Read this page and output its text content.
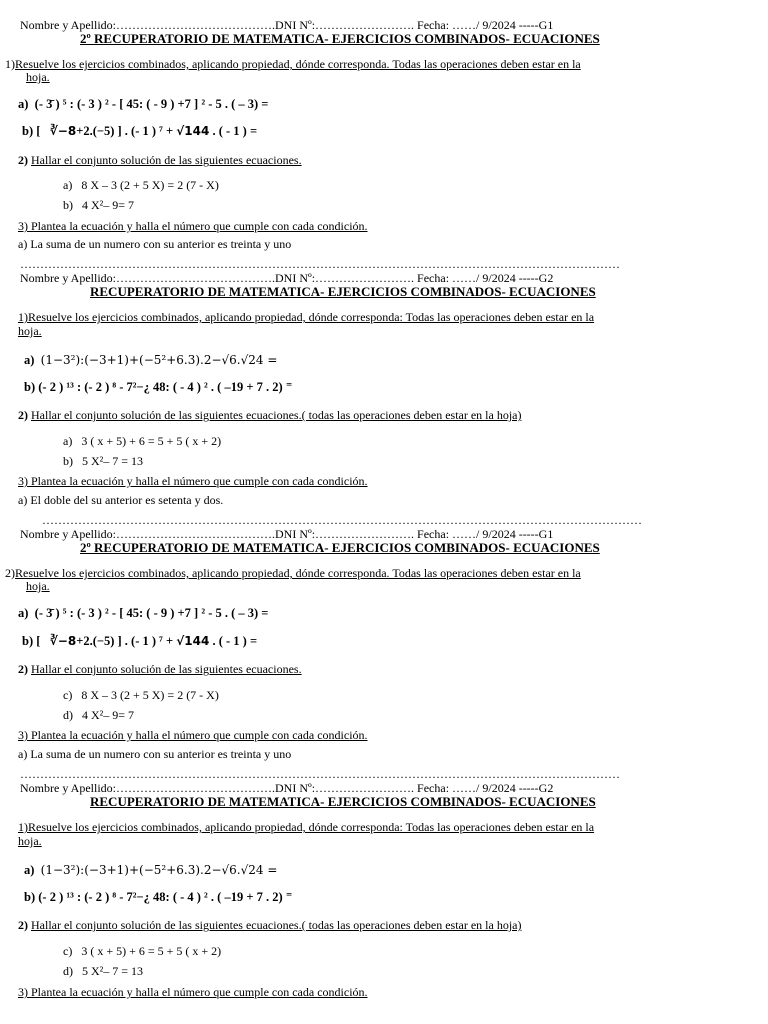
Nombre y Apellido:………………………………….DNI Nº:……………………. Fecha: ……/ 9/2024 -----G1
2º RECUPERATORIO DE MATEMATICA- EJERCICIOS COMBINADOS- ECUACIONES
1)Resuelve los ejercicios combinados, aplicando propiedad, dónde corresponda. Todas las operaciones deben estar en la
hoja.
a) (- 3̄ ) ⁵ : (- 3 ) ² - [ 45: ( - 9 ) +7 ] ² - 5 . ( – 3) =
b) [ ∛−8+2.(−5) ] . (- 1 ) ⁷ + √144 . ( - 1 ) =
2) Hallar el conjunto solución de las siguientes ecuaciones.
a) 8 X – 3 (2 + 5 X) = 2 (7 - X)
b) 4 X²– 9= 7
3) Plantea la ecuación y halla el número que cumple con cada condición.
a) La suma de un numero con su anterior es treinta y uno
……………………………………………………………………………………………………………………………………
Nombre y Apellido:………………………………….DNI Nº:……………………. Fecha: ……/ 9/2024 -----G2
RECUPERATORIO DE MATEMATICA- EJERCICIOS COMBINADOS- ECUACIONES
1)Resuelve los ejercicios combinados, aplicando propiedad, dónde corresponda: Todas las operaciones deben estar en la
hoja.
a) (1−3²):(−3+1)+(−5²+6.3).2−√6.√24 =
b) (- 2 ) ¹³ : (- 2 ) ⁸ - 7²−¿ 48: ( - 4 ) ² . ( –19 + 7 . 2) ⁼
2) Hallar el conjunto solución de las siguientes ecuaciones.( todas las operaciones deben estar en la hoja)
a) 3 ( x + 5) + 6 = 5 + 5 ( x + 2)
b) 5 X²– 7 = 13
3) Plantea la ecuación y halla el número que cumple con cada condición.
a) El doble del su anterior es setenta y dos.
……………………………………………………………………………………………………………………………………
Nombre y Apellido:………………………………….DNI Nº:……………………. Fecha: ……/ 9/2024 -----G1
2º RECUPERATORIO DE MATEMATICA- EJERCICIOS COMBINADOS- ECUACIONES
2)Resuelve los ejercicios combinados, aplicando propiedad, dónde corresponda. Todas las operaciones deben estar en la
hoja.
a) (- 3̄ ) ⁵ : (- 3 ) ² - [ 45: ( - 9 ) +7 ] ² - 5 . ( – 3) =
b) [ ∛−8+2.(−5) ] . (- 1 ) ⁷ + √144 . ( - 1 ) =
2) Hallar el conjunto solución de las siguientes ecuaciones.
c) 8 X – 3 (2 + 5 X) = 2 (7 - X)
d) 4 X²– 9= 7
3) Plantea la ecuación y halla el número que cumple con cada condición.
a) La suma de un numero con su anterior es treinta y uno
……………………………………………………………………………………………………………………………………
Nombre y Apellido:………………………………….DNI Nº:……………………. Fecha: ……/ 9/2024 -----G2
RECUPERATORIO DE MATEMATICA- EJERCICIOS COMBINADOS- ECUACIONES
1)Resuelve los ejercicios combinados, aplicando propiedad, dónde corresponda: Todas las operaciones deben estar en la
hoja.
a) (1−3²):(−3+1)+(−5²+6.3).2−√6.√24 =
b) (- 2 ) ¹³ : (- 2 ) ⁸ - 7²−¿ 48: ( - 4 ) ² . ( –19 + 7 . 2) ⁼
2) Hallar el conjunto solución de las siguientes ecuaciones.( todas las operaciones deben estar en la hoja)
c) 3 ( x + 5) + 6 = 5 + 5 ( x + 2)
d) 5 X²– 7 = 13
3) Plantea la ecuación y halla el número que cumple con cada condición.
